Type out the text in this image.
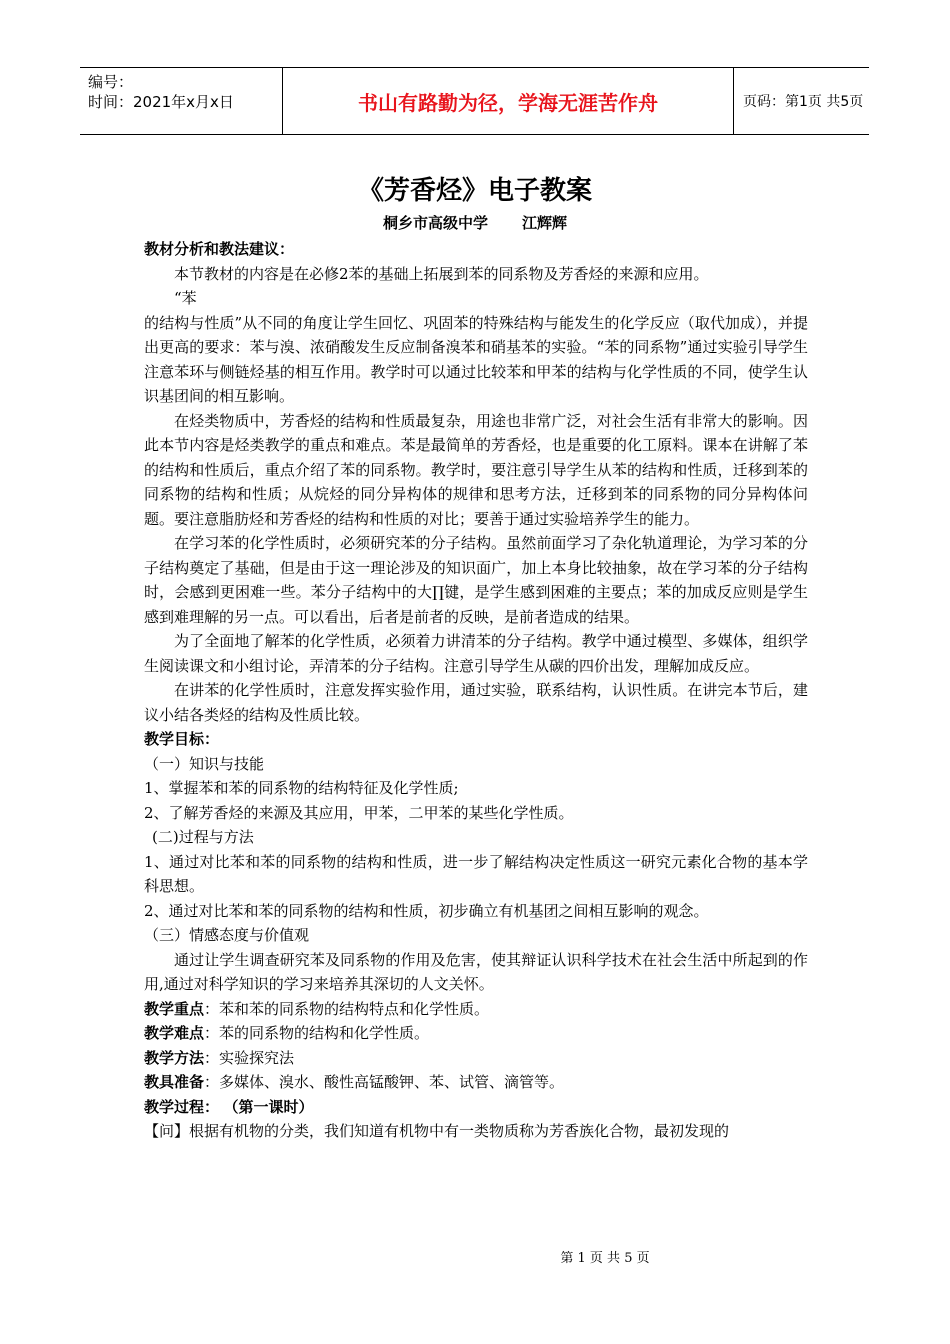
编号：
时间：2021年x月x日	书山有路勤为径，学海无涯苦作舟	页码：第1页 共5页
《芳香烃》电子教案
桐乡市高级中学 江辉辉

教材分析和教法建议：

本节教材的内容是在必修2苯的基础上拓展到苯的同系物及芳香烃的来源和应用。

“苯

的结构与性质”从不同的角度让学生回忆、巩固苯的特殊结构与能发生的化学反应（取代加成），并提出更高的要求：苯与溴、浓硝酸发生反应制备溴苯和硝基苯的实验。“苯的同系物”通过实验引导学生注意苯环与侧链烃基的相互作用。教学时可以通过比较苯和甲苯的结构与化学性质的不同，使学生认识基团间的相互影响。

在烃类物质中，芳香烃的结构和性质最复杂，用途也非常广泛，对社会生活有非常大的影响。因此本节内容是烃类教学的重点和难点。苯是最简单的芳香烃，也是重要的化工原料。课本在讲解了苯的结构和性质后，重点介绍了苯的同系物。教学时，要注意引导学生从苯的结构和性质，迁移到苯的同系物的结构和性质；从烷烃的同分异构体的规律和思考方法，迁移到苯的同系物的同分异构体问题。要注意脂肪烃和芳香烃的结构和性质的对比；要善于通过实验培养学生的能力。

在学习苯的化学性质时，必须研究苯的分子结构。虽然前面学习了杂化轨道理论，为学习苯的分子结构奠定了基础，但是由于这一理论涉及的知识面广，加上本身比较抽象，故在学习苯的分子结构时，会感到更困难一些。苯分子结构中的大∏键，是学生感到困难的主要点；苯的加成反应则是学生感到难理解的另一点。可以看出，后者是前者的反映，是前者造成的结果。

为了全面地了解苯的化学性质，必须着力讲清苯的分子结构。教学中通过模型、多媒体，组织学生阅读课文和小组讨论，弄清苯的分子结构。注意引导学生从碳的四价出发，理解加成反应。

在讲苯的化学性质时，注意发挥实验作用，通过实验，联系结构，认识性质。在讲完本节后，建议小结各类烃的结构及性质比较。

教学目标：

（一）知识与技能

1、掌握苯和苯的同系物的结构特征及化学性质;

2、了解芳香烃的来源及其应用，甲苯，二甲苯的某些化学性质。

(二)过程与方法

1、通过对比苯和苯的同系物的结构和性质，进一步了解结构决定性质这一研究元素化合物的基本学科思想。

2、通过对比苯和苯的同系物的结构和性质，初步确立有机基团之间相互影响的观念。

（三）情感态度与价值观

通过让学生调查研究苯及同系物的作用及危害，使其辩证认识科学技术在社会生活中所起到的作用,通过对科学知识的学习来培养其深切的人文关怀。

教学重点：苯和苯的同系物的结构特点和化学性质。

教学难点：苯的同系物的结构和化学性质。

教学方法：实验探究法

教具准备：多媒体、溴水、酸性高锰酸钾、苯、试管、滴管等。

教学过程： （第一课时）

【问】根据有机物的分类，我们知道有机物中有一类物质称为芳香族化合物，最初发现的

第 1 页 共 5 页
